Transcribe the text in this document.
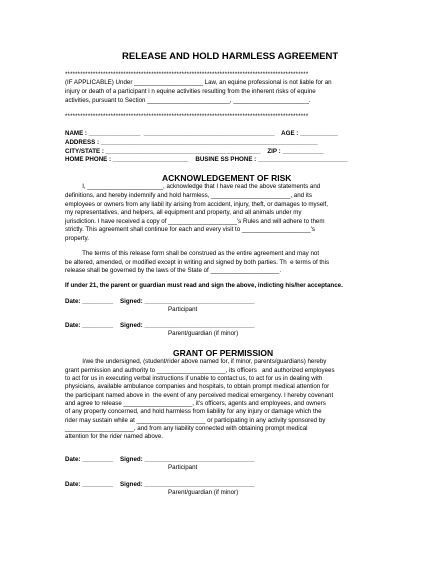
RELEASE AND HOLD HARMLESS AGREEMENT
************************************************************************************************
(IF APPLICABLE) Under ____________________ Law, an equine professional is not liable for an
injury or death of a participant i n equine activities resulting from the inherent risks of equine
activities, pursuant to Section ________________________, ______________________.
************************************************************************************************
NAME : _______________  ______________________________________    AGE : ___________
ADDRESS : _______________________________________________________________
CITY/STATE : _____________________________________________    ZIP : ____________
HOME PHONE : ______________________    BUSINE SS PHONE : __________________________
ACKNOWLEDGEMENT OF RISK
I, ______________________, acknowledge that I have read the above statements and
definitions, and hereby indemnify and hold harmless, _______________________, and its
employees or owners from any liabil ity arising from accident, injury, theft, or damages to myself,
my representatives, and helpers, all equipment and property, and all animals under my
jurisdiction. I have received a copy of ____________________'s Rules and will adhere to them
strictly. This agreement shall continue for each and every visit to ____________________'s
property.
The terms of this release form shall be construed as the entire agreement and may not
be altered, amended, or modified except in writing and signed by both parties. Th  e terms of this
release shall be governed by the laws of the State of ____________________.
If under 21, the parent or guardian must read and sign the above, indicting his/her acceptance.
Date: _________    Signed: ________________________________
Participant
Date: _________    Signed: ________________________________
Parent/guardian (if minor)
GRANT OF PERMISSION
I/we the undersigned, (student/rider above named for, if minor, parents/guardians) hereby
grant permission and authority to ____________________, its officers   and authorized employees
to act for us in executing verbal instructions if unable to contact us, to act for us in dealing with
physicians, available ambulance companies and hospitals, to obtain prompt medical attention for
the participant named above in  the event of any perceived medical emergency. I hereby covenant
and agree to release ____________________, it's officers, agents and employees, and owners
of any property concerned, and hold harmless from liability for any injury or damage which the
rider may sustain while at ____________________ or participating in any activity sponsored by
____________________, and from any liability connected with obtaining prompt medical
attention for the rider named above.
Date: _________    Signed: ________________________________
Participant
Date: _________    Signed: ________________________________
Parent/guardian (if minor)
